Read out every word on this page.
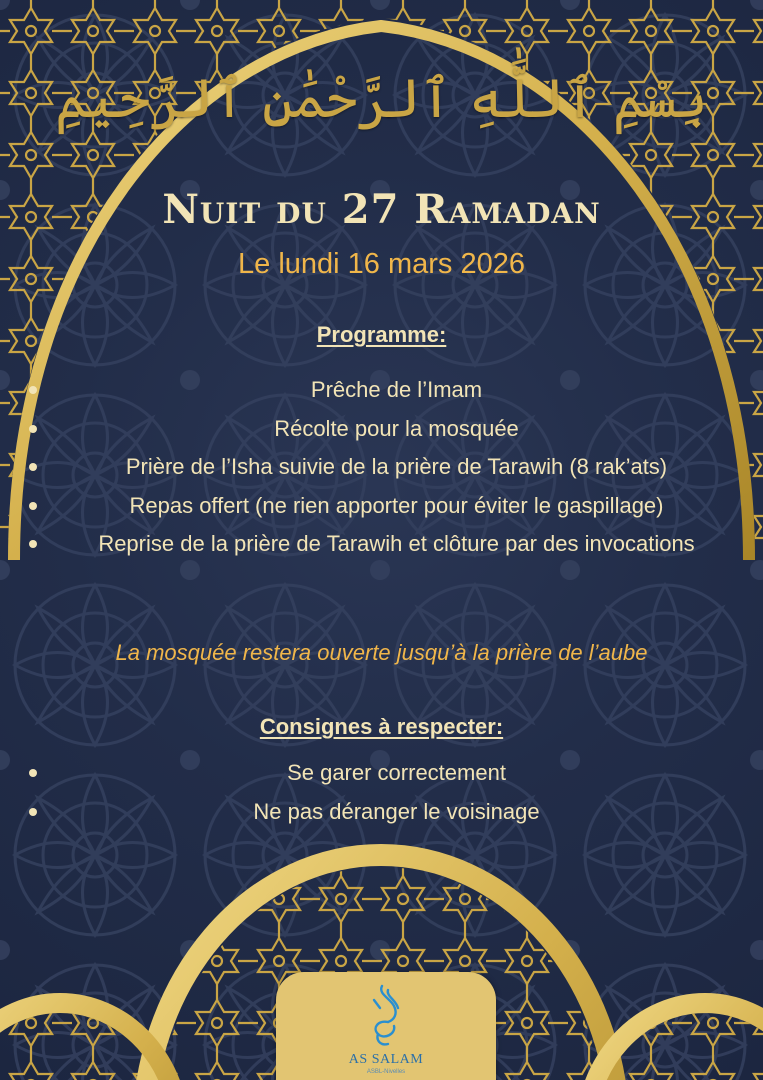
بِسْمِ ٱللَّٰهِ ٱلرَّحْمَٰنِ ٱلرَّحِيمِ
Nuit du 27 Ramadan
Le lundi 16 mars 2026
Programme:
Prêche de l’Imam
Récolte pour la mosquée
Prière de l’Isha suivie de la prière de Tarawih (8 rak’ats)
Repas offert (ne rien apporter pour éviter le gaspillage)
Reprise de la prière de Tarawih et clôture par des invocations
La mosquée restera ouverte jusqu’à la prière de l’aube
Consignes à respecter:
Se garer correctement
Ne pas déranger le voisinage
AS SALAM
ASBL-Nivelles
